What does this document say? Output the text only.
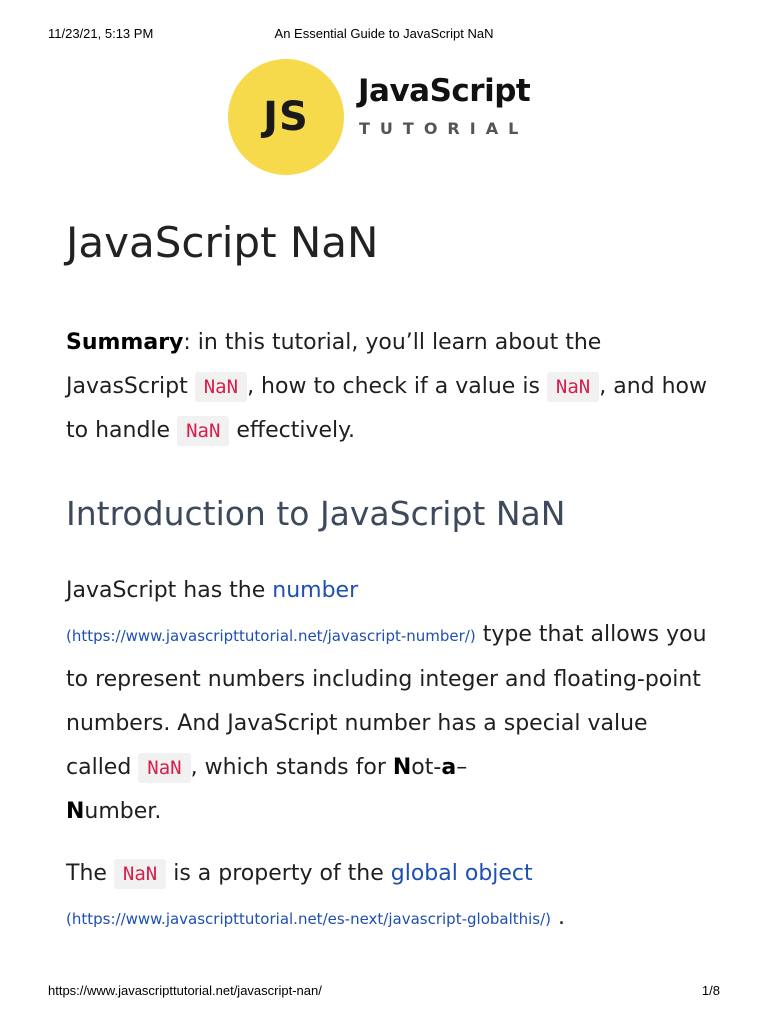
11/23/21, 5:13 PM	An Essential Guide to JavaScript NaN
JS
JavaScript
TUTORIAL
JavaScript NaN

Summary: in this tutorial, you’ll learn about the JavasScript NaN , how to check if a value is NaN , and how to handle NaN effectively.

Introduction to JavaScript NaN

JavaScript has the number
(https://www.javascripttutorial.net/javascript-number/) type that allows you to represent numbers including integer and floating-point numbers. And JavaScript number has a special value called NaN , which stands for Not-a–
Number.

The NaN is a property of the global object
(https://www.javascripttutorial.net/es-next/javascript-globalthis/) .

https://www.javascripttutorial.net/javascript-nan/	1/8
